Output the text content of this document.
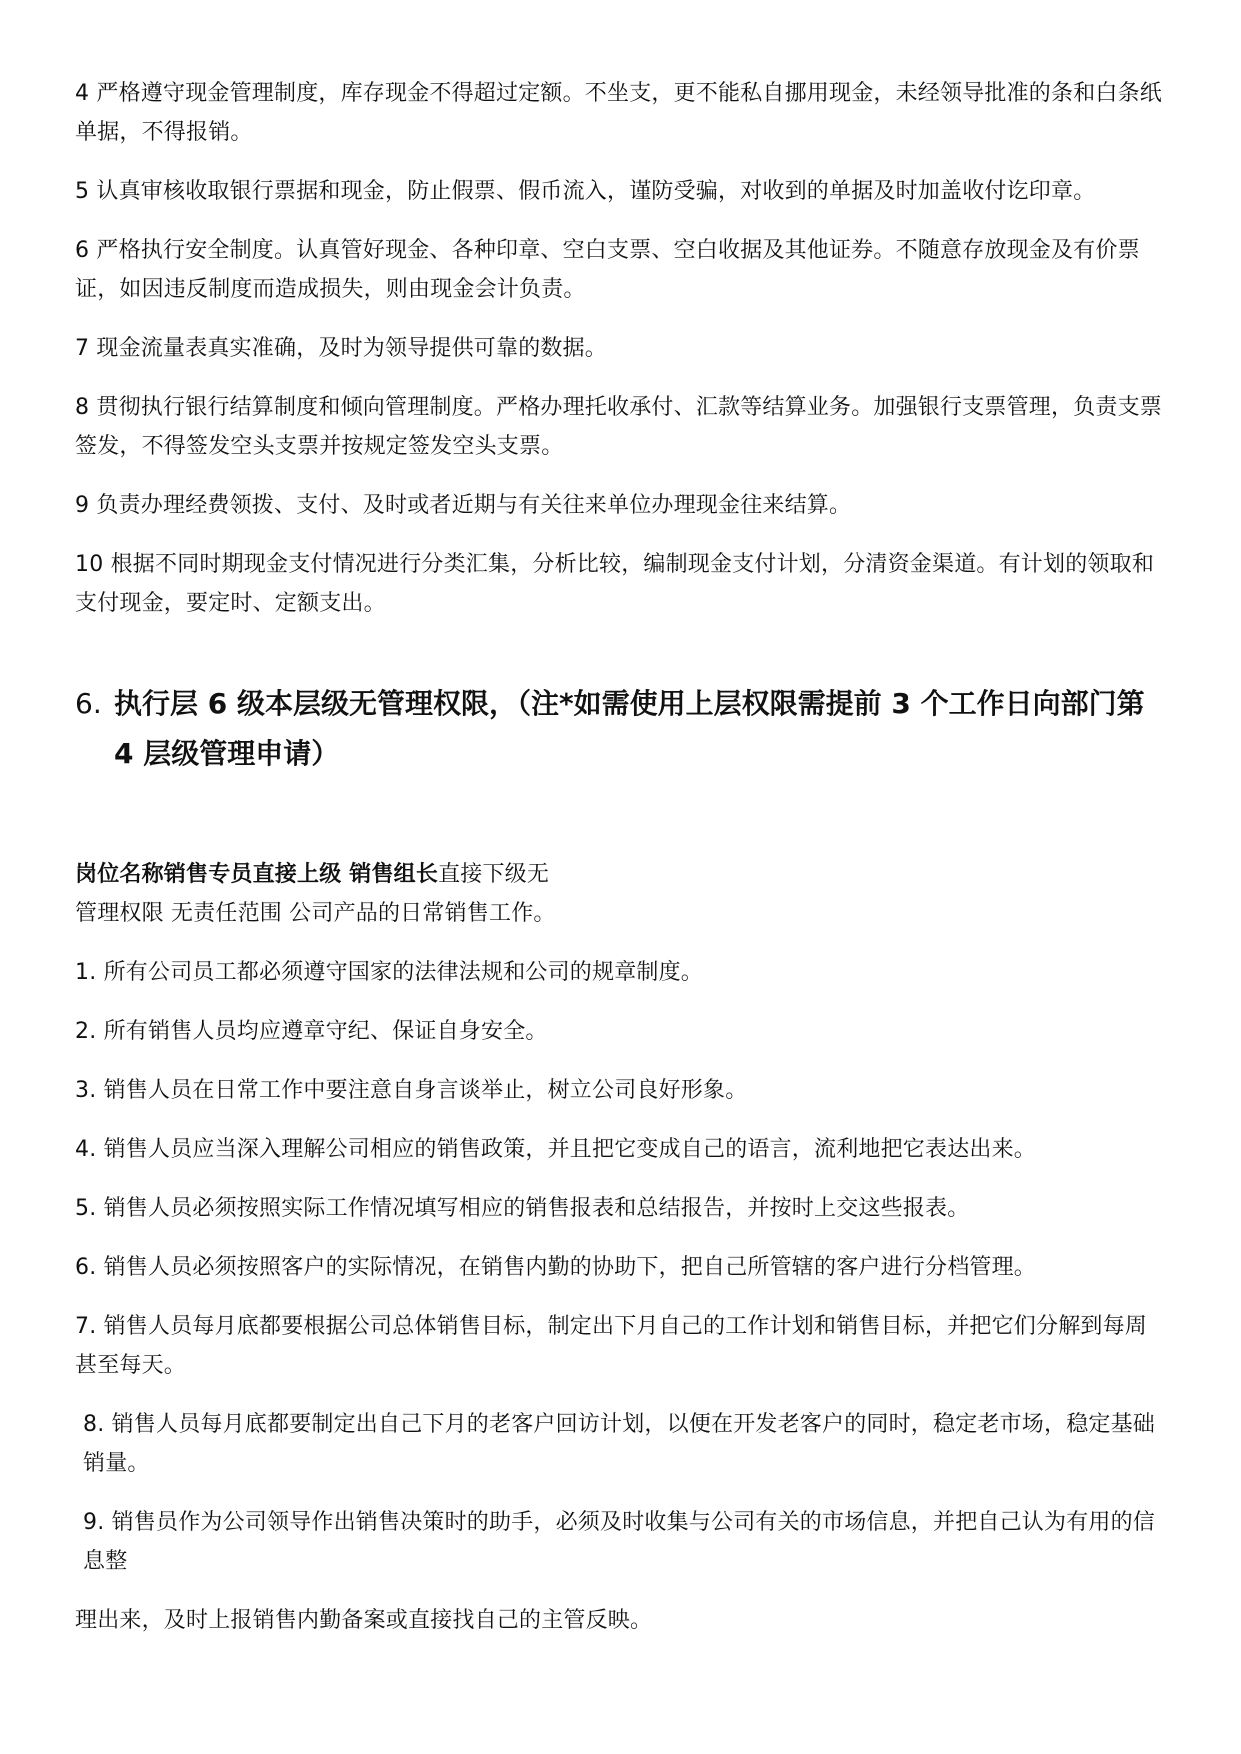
4 严格遵守现金管理制度，库存现金不得超过定额。不坐支，更不能私自挪用现金，未经领导批准的条和白条纸单据，不得报销。

5 认真审核收取银行票据和现金，防止假票、假币流入，谨防受骗，对收到的单据及时加盖收付讫印章。

6 严格执行安全制度。认真管好现金、各种印章、空白支票、空白收据及其他证券。不随意存放现金及有价票证，如因违反制度而造成损失，则由现金会计负责。

7 现金流量表真实准确，及时为领导提供可靠的数据。

8 贯彻执行银行结算制度和倾向管理制度。严格办理托收承付、汇款等结算业务。加强银行支票管理，负责支票签发，不得签发空头支票并按规定签发空头支票。

9 负责办理经费领拨、支付、及时或者近期与有关往来单位办理现金往来结算。

10 根据不同时期现金支付情况进行分类汇集，分析比较，编制现金支付计划，分清资金渠道。有计划的领取和支付现金，要定时、定额支出。

6. 执行层 6 级本层级无管理权限，（注*如需使用上层权限需提前 3 个工作日向部门第 4 层级管理申请）

岗位名称销售专员直接上级 销售组长直接下级无

管理权限 无责任范围 公司产品的日常销售工作。

1. 所有公司员工都必须遵守国家的法律法规和公司的规章制度。

2. 所有销售人员均应遵章守纪、保证自身安全。

3. 销售人员在日常工作中要注意自身言谈举止，树立公司良好形象。

4. 销售人员应当深入理解公司相应的销售政策，并且把它变成自己的语言，流利地把它表达出来。

5. 销售人员必须按照实际工作情况填写相应的销售报表和总结报告，并按时上交这些报表。

6. 销售人员必须按照客户的实际情况，在销售内勤的协助下，把自己所管辖的客户进行分档管理。

7. 销售人员每月底都要根据公司总体销售目标，制定出下月自己的工作计划和销售目标，并把它们分解到每周甚至每天。

8. 销售人员每月底都要制定出自己下月的老客户回访计划，以便在开发老客户的同时，稳定老市场，稳定基础销量。

9. 销售员作为公司领导作出销售决策时的助手，必须及时收集与公司有关的市场信息，并把自己认为有用的信息整

理出来，及时上报销售内勤备案或直接找自己的主管反映。
